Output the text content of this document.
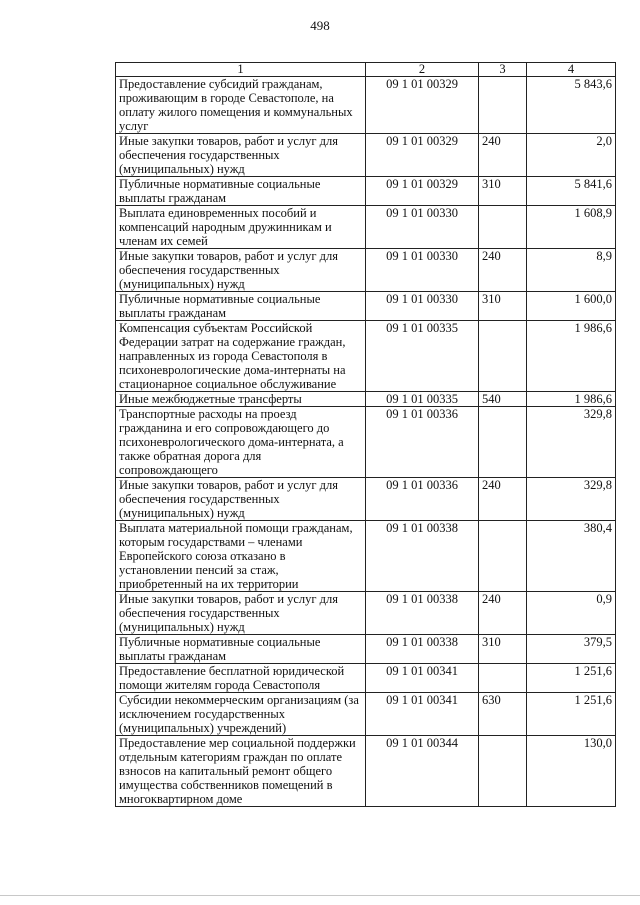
498
1	2	3	4
Предоставление субсидий гражданам, проживающим в городе Севастополе, на оплату жилого помещения и коммунальных услуг	09 1 01 00329		5 843,6
Иные закупки товаров, работ и услуг для обеспечения государственных (муниципальных) нужд	09 1 01 00329	240	2,0
Публичные нормативные социальные выплаты гражданам	09 1 01 00329	310	5 841,6
Выплата единовременных пособий и компенсаций народным дружинникам и членам их семей	09 1 01 00330		1 608,9
Иные закупки товаров, работ и услуг для обеспечения государственных (муниципальных) нужд	09 1 01 00330	240	8,9
Публичные нормативные социальные выплаты гражданам	09 1 01 00330	310	1 600,0
Компенсация субъектам Российской Федерации затрат на содержание граждан, направленных из города Севастополя в психоневрологические дома-интернаты на стационарное социальное обслуживание	09 1 01 00335		1 986,6
Иные межбюджетные трансферты	09 1 01 00335	540	1 986,6
Транспортные расходы на проезд гражданина и его сопровождающего до психоневрологического дома-интерната, а также обратная дорога для сопровождающего	09 1 01 00336		329,8
Иные закупки товаров, работ и услуг для обеспечения государственных (муниципальных) нужд	09 1 01 00336	240	329,8
Выплата материальной помощи гражданам, которым государствами – членами Европейского союза отказано в установлении пенсий за стаж, приобретенный на их территории	09 1 01 00338		380,4
Иные закупки товаров, работ и услуг для обеспечения государственных (муниципальных) нужд	09 1 01 00338	240	0,9
Публичные нормативные социальные выплаты гражданам	09 1 01 00338	310	379,5
Предоставление бесплатной юридической помощи жителям города Севастополя	09 1 01 00341		1 251,6
Субсидии некоммерческим организациям (за исключением государственных (муниципальных) учреждений)	09 1 01 00341	630	1 251,6
Предоставление мер социальной поддержки отдельным категориям граждан по оплате взносов на капитальный ремонт общего имущества собственников помещений в многоквартирном доме	09 1 01 00344		130,0
